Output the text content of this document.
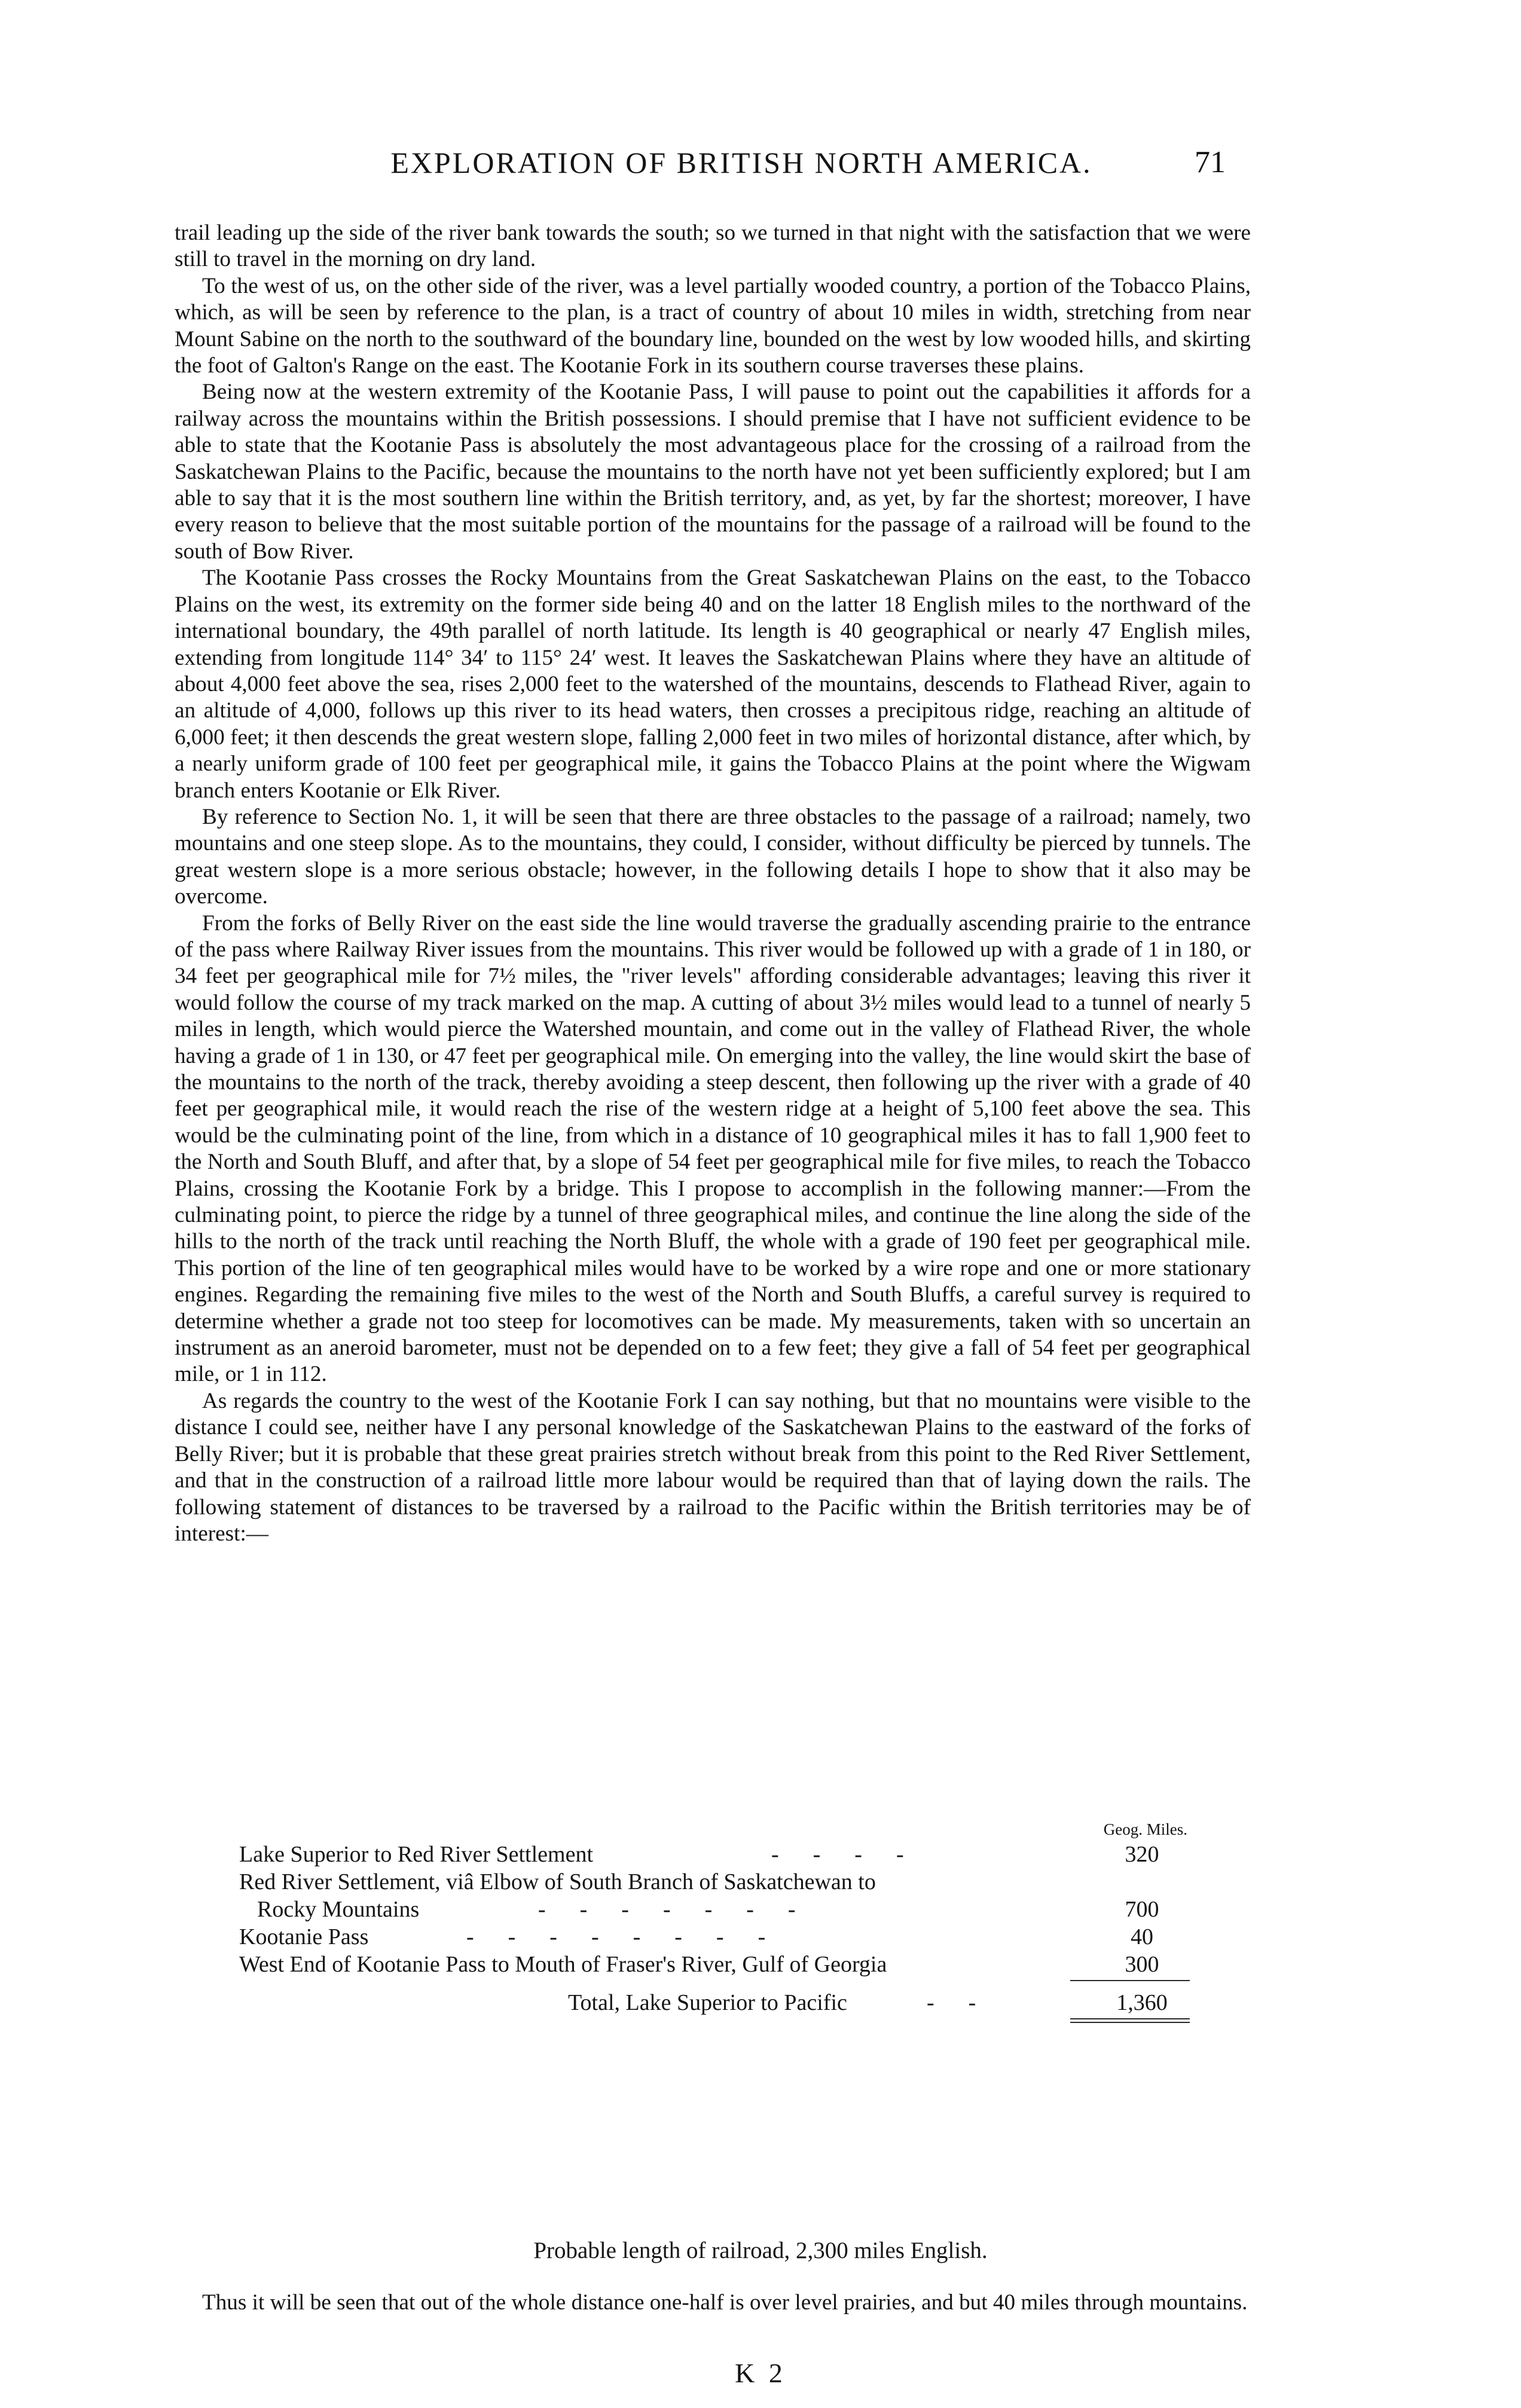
EXPLORATION OF BRITISH NORTH AMERICA.	71

trail leading up the side of the river bank towards the south; so we turned in that night with the satisfaction that we were still to travel in the morning on dry land.

To the west of us, on the other side of the river, was a level partially wooded country, a portion of the Tobacco Plains, which, as will be seen by reference to the plan, is a tract of country of about 10 miles in width, stretching from near Mount Sabine on the north to the southward of the boundary line, bounded on the west by low wooded hills, and skirting the foot of Galton's Range on the east. The Kootanie Fork in its southern course traverses these plains.

Being now at the western extremity of the Kootanie Pass, I will pause to point out the capabilities it affords for a railway across the mountains within the British possessions. I should premise that I have not sufficient evidence to be able to state that the Kootanie Pass is absolutely the most advantageous place for the crossing of a railroad from the Saskatchewan Plains to the Pacific, because the mountains to the north have not yet been sufficiently explored; but I am able to say that it is the most southern line within the British territory, and, as yet, by far the shortest; moreover, I have every reason to believe that the most suitable portion of the mountains for the passage of a railroad will be found to the south of Bow River.

The Kootanie Pass crosses the Rocky Mountains from the Great Saskatchewan Plains on the east, to the Tobacco Plains on the west, its extremity on the former side being 40 and on the latter 18 English miles to the northward of the international boundary, the 49th parallel of north latitude. Its length is 40 geographical or nearly 47 English miles, extending from longitude 114° 34′ to 115° 24′ west. It leaves the Saskatchewan Plains where they have an altitude of about 4,000 feet above the sea, rises 2,000 feet to the watershed of the mountains, descends to Flathead River, again to an altitude of 4,000, follows up this river to its head waters, then crosses a precipitous ridge, reaching an altitude of 6,000 feet; it then descends the great western slope, falling 2,000 feet in two miles of horizontal distance, after which, by a nearly uniform grade of 100 feet per geographical mile, it gains the Tobacco Plains at the point where the Wigwam branch enters Kootanie or Elk River.

By reference to Section No. 1, it will be seen that there are three obstacles to the passage of a railroad; namely, two mountains and one steep slope. As to the mountains, they could, I consider, without difficulty be pierced by tunnels. The great western slope is a more serious obstacle; however, in the following details I hope to show that it also may be overcome.

From the forks of Belly River on the east side the line would traverse the gradually ascending prairie to the entrance of the pass where Railway River issues from the mountains. This river would be followed up with a grade of 1 in 180, or 34 feet per geographical mile for 7½ miles, the "river levels" affording considerable advantages; leaving this river it would follow the course of my track marked on the map. A cutting of about 3½ miles would lead to a tunnel of nearly 5 miles in length, which would pierce the Watershed mountain, and come out in the valley of Flathead River, the whole having a grade of 1 in 130, or 47 feet per geographical mile. On emerging into the valley, the line would skirt the base of the mountains to the north of the track, thereby avoiding a steep descent, then following up the river with a grade of 40 feet per geographical mile, it would reach the rise of the western ridge at a height of 5,100 feet above the sea. This would be the culminating point of the line, from which in a distance of 10 geographical miles it has to fall 1,900 feet to the North and South Bluff, and after that, by a slope of 54 feet per geographical mile for five miles, to reach the Tobacco Plains, crossing the Kootanie Fork by a bridge. This I propose to accomplish in the following manner:—From the culminating point, to pierce the ridge by a tunnel of three geographical miles, and continue the line along the side of the hills to the north of the track until reaching the North Bluff, the whole with a grade of 190 feet per geographical mile. This portion of the line of ten geographical miles would have to be worked by a wire rope and one or more stationary engines. Regarding the remaining five miles to the west of the North and South Bluffs, a careful survey is required to determine whether a grade not too steep for locomotives can be made. My measurements, taken with so uncertain an instrument as an aneroid barometer, must not be depended on to a few feet; they give a fall of 54 feet per geographical mile, or 1 in 112.

As regards the country to the west of the Kootanie Fork I can say nothing, but that no mountains were visible to the distance I could see, neither have I any personal knowledge of the Saskatchewan Plains to the eastward of the forks of Belly River; but it is probable that these great prairies stretch without break from this point to the Red River Settlement, and that in the construction of a railroad little more labour would be required than that of laying down the rails. The following statement of distances to be traversed by a railroad to the Pacific within the British territories may be of interest:—

Geog. Miles.
Lake Superior to Red River Settlement	-      -      -      -	320
Red River Settlement, viâ Elbow of South Branch of Saskatchewan to
Rocky Mountains	-      -      -      -      -      -      -	700
Kootanie Pass	-      -      -      -      -      -      -      -	40
West End of Kootanie Pass to Mouth of Fraser's River, Gulf of Georgia	300
Total, Lake Superior to Pacific	-      -	1,360
Probable length of railroad, 2,300 miles English.

Thus it will be seen that out of the whole distance one-half is over level prairies, and but 40 miles through mountains.

K 2
